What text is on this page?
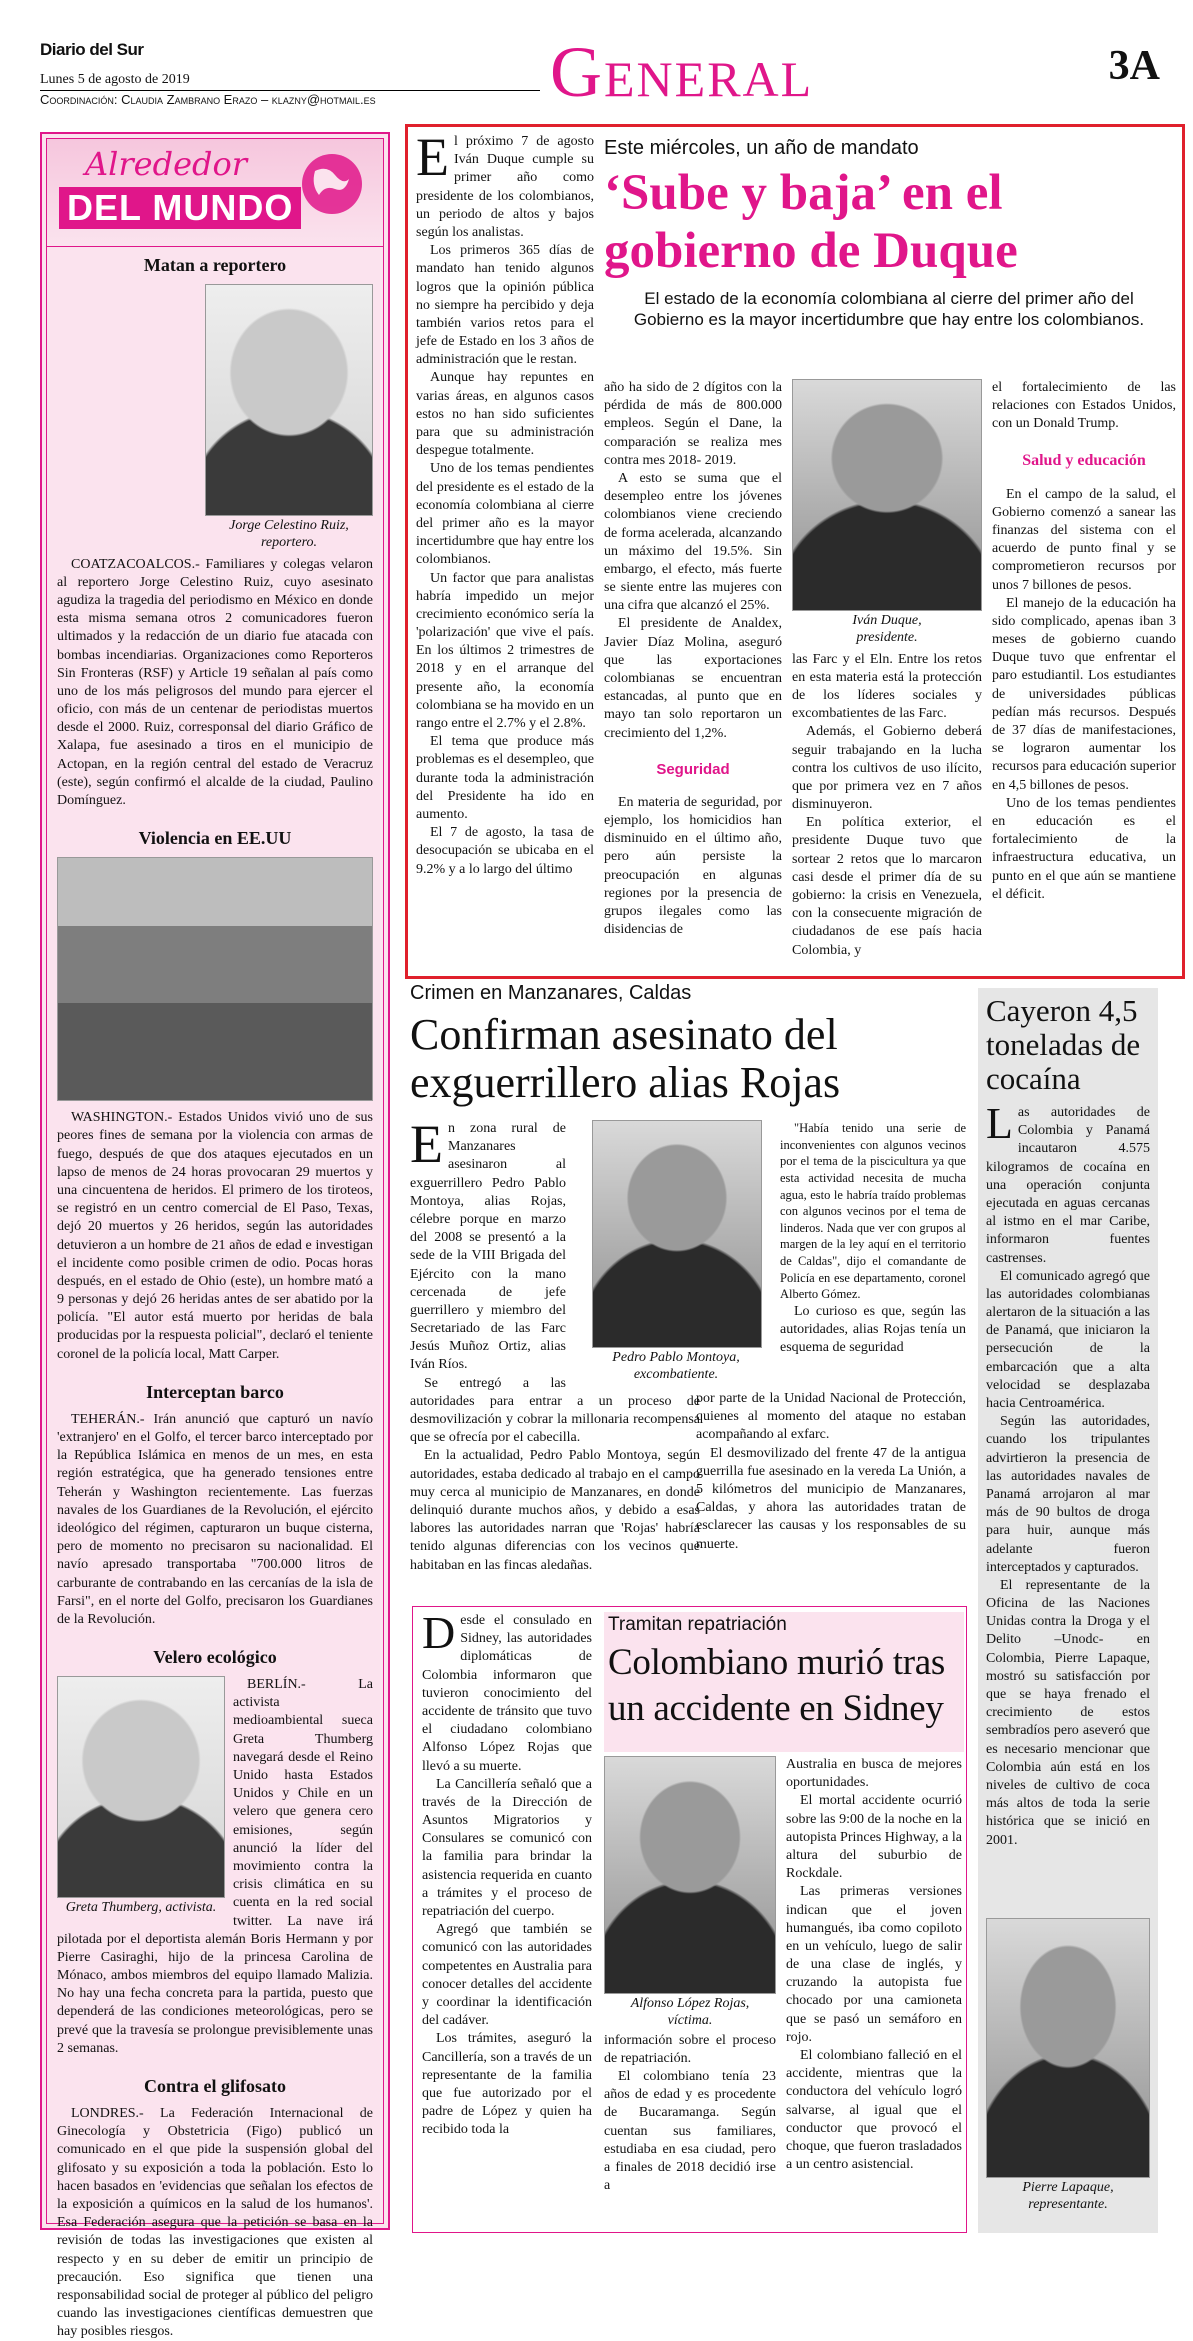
Diario del Sur
Lunes 5 de agosto de 2019
Coordinación: Claudia Zambrano Erazo – klazny@hotmail.es General	3A
Alrededor
DEL MUNDO
Matan a reportero
Jorge Celestino Ruiz, reportero.

COATZACOALCOS.- Familiares y colegas velaron al reportero Jorge Celestino Ruiz, cuyo asesinato agudiza la tragedia del periodismo en México en donde esta misma semana otros 2 comunicadores fueron ultimados y la redacción de un diario fue atacada con bombas incendiarias. Organizaciones como Reporteros Sin Fronteras (RSF) y Article 19 señalan al país como uno de los más peligrosos del mundo para ejercer el oficio, con más de un centenar de periodistas muertos desde el 2000. Ruiz, corresponsal del diario Gráfico de Xalapa, fue asesinado a tiros en el municipio de Actopan, en la región central del estado de Veracruz (este), según confirmó el alcalde de la ciudad, Paulino Domínguez.

Violencia en EE.UU

WASHINGTON.- Estados Unidos vivió uno de sus peores fines de semana por la violencia con armas de fuego, después de que dos ataques ejecutados en un lapso de menos de 24 horas provocaran 29 muertos y una cincuentena de heridos. El primero de los tiroteos, se registró en un centro comercial de El Paso, Texas, dejó 20 muertos y 26 heridos, según las autoridades detuvieron a un hombre de 21 años de edad e investigan el incidente como posible crimen de odio. Pocas horas después, en el estado de Ohio (este), un hombre mató a 9 personas y dejó 26 heridas antes de ser abatido por la policía. "El autor está muerto por heridas de bala producidas por la respuesta policial", declaró el teniente coronel de la policía local, Matt Carper.

Interceptan barco

TEHERÁN.- Irán anunció que capturó un navío 'extranjero' en el Golfo, el tercer barco interceptado por la República Islámica en menos de un mes, en esta región estratégica, que ha generado tensiones entre Teherán y Washington recientemente. Las fuerzas navales de los Guardianes de la Revolución, el ejército ideológico del régimen, capturaron un buque cisterna, pero de momento no precisaron su nacionalidad. El navío apresado transportaba "700.000 litros de carburante de contrabando en las cercanías de la isla de Farsi", en el norte del Golfo, precisaron los Guardianes de la Revolución.

Velero ecológico
Greta Thumberg, activista.

BERLÍN.- La activista medioambiental sueca Greta Thumberg navegará desde el Reino Unido hasta Estados Unidos y Chile en un velero que genera cero emisiones, según anunció la líder del movimiento contra la crisis climática en su cuenta en la red social twitter. La nave irá pilotada por el deportista alemán Boris Hermann y por Pierre Casiraghi, hijo de la princesa Carolina de Mónaco, ambos miembros del equipo llamado Malizia. No hay una fecha concreta para la partida, puesto que dependerá de las condiciones meteorológicas, pero se prevé que la travesía se prolongue previsiblemente unas 2 semanas.

Contra el glifosato

LONDRES.- La Federación Internacional de Ginecología y Obstetricia (Figo) publicó un comunicado en el que pide la suspensión global del glifosato y su exposición a toda la población. Esto lo hacen basados en 'evidencias que señalan los efectos de la exposición a químicos en la salud de los humanos'. Esa Federación asegura que la petición se basa en la revisión de todas las investigaciones que existen al respecto y en su deber de emitir un principio de precaución. Eso significa que tienen una responsabilidad social de proteger al público del peligro cuando las investigaciones científicas demuestren que hay posibles riesgos.

E l próximo 7 de agosto Iván Duque cumple su primer año como presidente de los colombianos, un periodo de altos y bajos según los analistas.

Los primeros 365 días de mandato han tenido algunos logros que la opinión pública no siempre ha percibido y deja también varios retos para el jefe de Estado en los 3 años de administración que le restan.

Aunque hay repuntes en varias áreas, en algunos casos estos no han sido suficientes para que su administración despegue totalmente.

Uno de los temas pendientes del presidente es el estado de la economía colombiana al cierre del primer año es la mayor incertidumbre que hay entre los colombianos.

Un factor que para analistas habría impedido un mejor crecimiento económico sería la 'polarización' que vive el país. En los últimos 2 trimestres de 2018 y en el arranque del presente año, la economía colombiana se ha movido en un rango entre el 2.7% y el 2.8%.

El tema que produce más problemas es el desempleo, que durante toda la administración del Presidente ha ido en aumento.

El 7 de agosto, la tasa de desocupación se ubicaba en el 9.2% y a lo largo del último

Este miércoles, un año de mandato
‘Sube y baja’ en el gobierno de Duque
El estado de la economía colombiana al cierre del primer año del Gobierno es la mayor incertidumbre que hay entre los colombianos.

año ha sido de 2 dígitos con la pérdida de más de 800.000 empleos. Según el Dane, la comparación se realiza mes contra mes 2018- 2019.

A esto se suma que el desempleo entre los jóvenes colombianos viene creciendo de forma acelerada, alcanzando un máximo del 19.5%. Sin embargo, el efecto, más fuerte se siente entre las mujeres con una cifra que alcanzó el 25%.

El presidente de Analdex, Javier Díaz Molina, aseguró que las exportaciones colombianas se encuentran estancadas, al punto que en mayo tan solo reportaron un crecimiento del 1,2%.

Seguridad

En materia de seguridad, por ejemplo, los homicidios han disminuido en el último año, pero aún persiste la preocupación en algunas regiones por la presencia de grupos ilegales como las disidencias de

Iván Duque, presidente.

las Farc y el Eln. Entre los retos en esta materia está la protección de los líderes sociales y excombatientes de las Farc.

Además, el Gobierno deberá seguir trabajando en la lucha contra los cultivos de uso ilícito, que por primera vez en 7 años disminuyeron.

En política exterior, el presidente Duque tuvo que sortear 2 retos que lo marcaron casi desde el primer día de su gobierno: la crisis en Venezuela, con la consecuente migración de ciudadanos de ese país hacia Colombia, y

el fortalecimiento de las relaciones con Estados Unidos, con un Donald Trump.

Salud y educación

En el campo de la salud, el Gobierno comenzó a sanear las finanzas del sistema con el acuerdo de punto final y se comprometieron recursos por unos 7 billones de pesos.

El manejo de la educación ha sido complicado, apenas iban 3 meses de gobierno cuando Duque tuvo que enfrentar el paro estudiantil. Los estudiantes de universidades públicas pedían más recursos. Después de 37 días de manifestaciones, se lograron aumentar los recursos para educación superior en 4,5 billones de pesos.

Uno de los temas pendientes en educación es el fortalecimiento de la infraestructura educativa, un punto en el que aún se mantiene el déficit.

Crimen en Manzanares, Caldas
Confirman asesinato del exguerrillero alias Rojas
E n zona rural de Manzanares asesinaron al exguerrillero Pedro Pablo Montoya, alias Rojas, célebre porque en marzo del 2008 se presentó a la sede de la VIII Brigada del Ejército con la mano cercenada de jefe guerrillero y miembro del Secretariado de las Farc Jesús Muñoz Ortiz, alias Iván Ríos.

Se entregó a las autoridades para entrar a un proceso de desmovilización y cobrar la millonaria recompensa que se ofrecía por el cabecilla.

En la actualidad, Pedro Pablo Montoya, según autoridades, estaba dedicado al trabajo en el campo muy cerca al municipio de Manzanares, en donde delinquió durante muchos años, y debido a esas labores las autoridades narran que 'Rojas' habría tenido algunas diferencias con los vecinos que habitaban en las fincas aledañas.

Pedro Pablo Montoya, excombatiente.

"Había tenido una serie de inconvenientes con algunos vecinos por el tema de la piscicultura ya que esta actividad necesita de mucha agua, esto le habría traído problemas con algunos vecinos por el tema de linderos. Nada que ver con grupos al margen de la ley aquí en el territorio de Caldas", dijo el comandante de Policía en ese departamento, coronel Alberto Gómez.

Lo curioso es que, según las autoridades, alias Rojas tenía un esquema de seguridad

por parte de la Unidad Nacional de Protección, quienes al momento del ataque no estaban acompañando al exfarc.

El desmovilizado del frente 47 de la antigua guerrilla fue asesinado en la vereda La Unión, a 5 kilómetros del municipio de Manzanares, Caldas, y ahora las autoridades tratan de esclarecer las causas y los responsables de su muerte.

D esde el consulado en Sidney, las autoridades diplomáticas de Colombia informaron que tuvieron conocimiento del accidente de tránsito que tuvo el ciudadano colombiano Alfonso López Rojas que llevó a su muerte.

La Cancillería señaló que a través de la Dirección de Asuntos Migratorios y Consulares se comunicó con la familia para brindar la asistencia requerida en cuanto a trámites y el proceso de repatriación del cuerpo.

Agregó que también se comunicó con las autoridades competentes en Australia para conocer detalles del accidente y coordinar la identificación del cadáver.

Los trámites, aseguró la Cancillería, son a través de un representante de la familia que fue autorizado por el padre de López y quien ha recibido toda la

Tramitan repatriación
Colombiano murió tras un accidente en Sidney
Alfonso López Rojas, víctima.

información sobre el proceso de repatriación.

El colombiano tenía 23 años de edad y es procedente de Bucaramanga. Según cuentan sus familiares, estudiaba en esa ciudad, pero a finales de 2018 decidió irse a

Australia en busca de mejores oportunidades.

El mortal accidente ocurrió sobre las 9:00 de la noche en la autopista Princes Highway, a la altura del suburbio de Rockdale.

Las primeras versiones indican que el joven humangués, iba como copiloto en un vehículo, luego de salir de una clase de inglés, y cruzando la autopista fue chocado por una camioneta que se pasó un semáforo en rojo.

El colombiano falleció en el accidente, mientras que la conductora del vehículo logró salvarse, al igual que el conductor que provocó el choque, que fueron trasladados a un centro asistencial.

Cayeron 4,5 toneladas de cocaína
L as autoridades de Colombia y Panamá incautaron 4.575 kilogramos de cocaína en una operación conjunta ejecutada en aguas cercanas al istmo en el mar Caribe, informaron fuentes castrenses.

El comunicado agregó que las autoridades colombianas alertaron de la situación a las de Panamá, que iniciaron la persecución de la embarcación que a alta velocidad se desplazaba hacia Centroamérica.

Según las autoridades, cuando los tripulantes advirtieron la presencia de las autoridades navales de Panamá arrojaron al mar más de 90 bultos de droga para huir, aunque más adelante fueron interceptados y capturados.

El representante de la Oficina de las Naciones Unidas contra la Droga y el Delito –Unodc- en Colombia, Pierre Lapaque, mostró su satisfacción por que se haya frenado el crecimiento de estos sembradíos pero aseveró que es necesario mencionar que Colombia aún está en los niveles de cultivo de coca más altos de toda la serie histórica que se inició en 2001.

Pierre Lapaque, representante.
